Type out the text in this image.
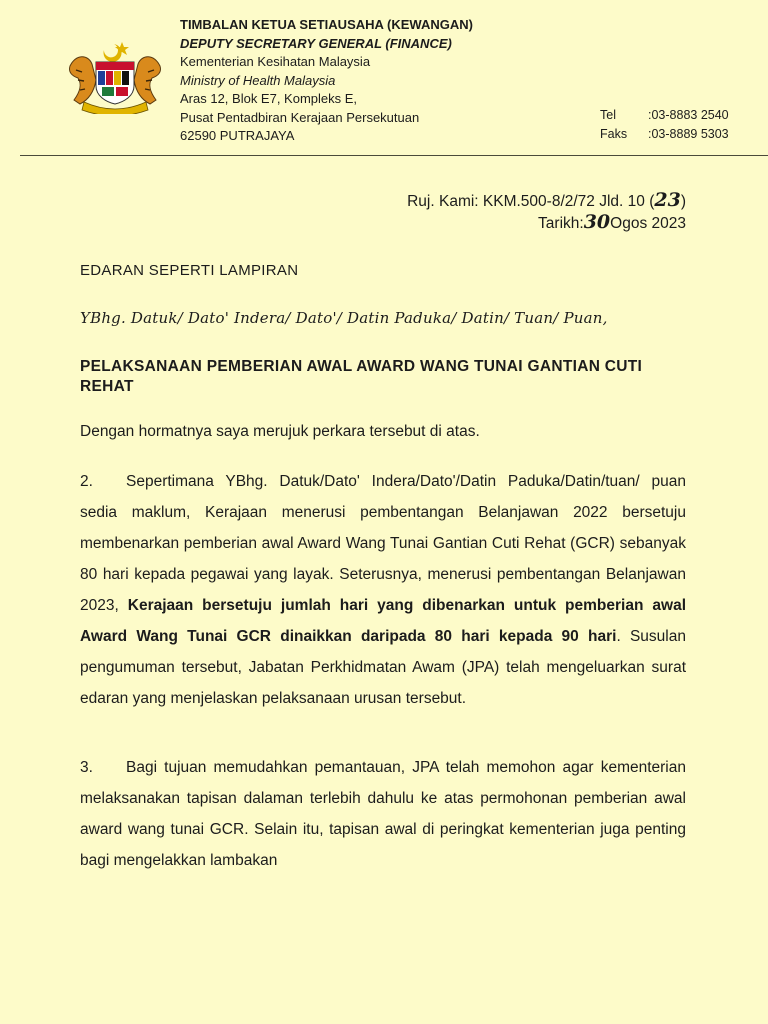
TIMBALAN KETUA SETIAUSAHA (KEWANGAN)
DEPUTY SECRETARY GENERAL (FINANCE)
Kementerian Kesihatan Malaysia
Ministry of Health Malaysia
Aras 12, Blok E7, Kompleks E,
Pusat Pentadbiran Kerajaan Persekutuan
62590 PUTRAJAYA
Tel	:03-8883 2540
Faks	:03-8889 5303
Ruj. Kami: KKM.500-8/2/72 Jld. 10 (23)
Tarikh:30Ogos 2023
EDARAN SEPERTI LAMPIRAN
YBhg. Datuk/ Dato' Indera/ Dato'/ Datin Paduka/ Datin/ Tuan/ Puan,
PELAKSANAAN PEMBERIAN AWAL AWARD WANG TUNAI GANTIAN CUTI REHAT
Dengan hormatnya saya merujuk perkara tersebut di atas.
2. Sepertimana YBhg. Datuk/Dato' Indera/Dato'/Datin Paduka/Datin/tuan/ puan sedia maklum, Kerajaan menerusi pembentangan Belanjawan 2022 bersetuju membenarkan pemberian awal Award Wang Tunai Gantian Cuti Rehat (GCR) sebanyak 80 hari kepada pegawai yang layak. Seterusnya, menerusi pembentangan Belanjawan 2023, Kerajaan bersetuju jumlah hari yang dibenarkan untuk pemberian awal Award Wang Tunai GCR dinaikkan daripada 80 hari kepada 90 hari. Susulan pengumuman tersebut, Jabatan Perkhidmatan Awam (JPA) telah mengeluarkan surat edaran yang menjelaskan pelaksanaan urusan tersebut.
3. Bagi tujuan memudahkan pemantauan, JPA telah memohon agar kementerian melaksanakan tapisan dalaman terlebih dahulu ke atas permohonan pemberian awal award wang tunai GCR. Selain itu, tapisan awal di peringkat kementerian juga penting bagi mengelakkan lambakan
